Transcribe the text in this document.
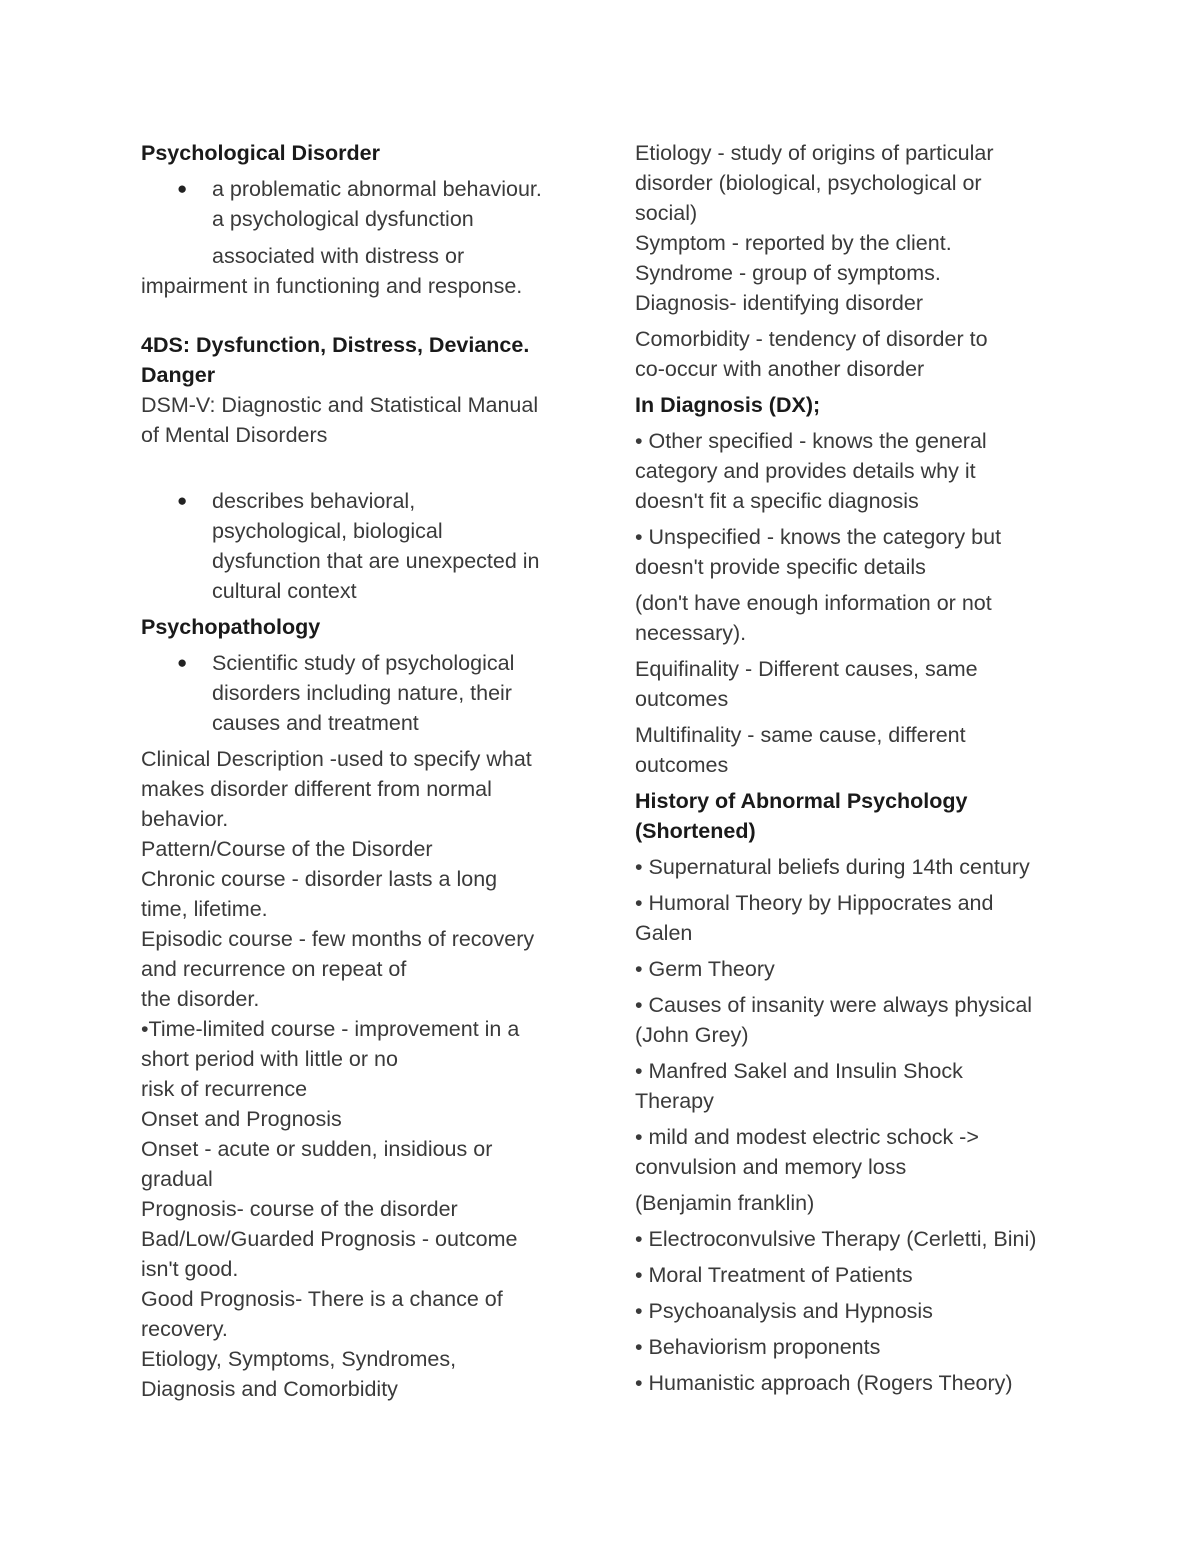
Psychological Disorder
● a problematic abnormal behaviour.
a psychological dysfunction
associated with distress or
impairment in functioning and response.
4DS: Dysfunction, Distress, Deviance.
Danger
DSM-V: Diagnostic and Statistical Manual
of Mental Disorders
● describes behavioral,
psychological, biological
dysfunction that are unexpected in
cultural context
Psychopathology
● Scientific study of psychological
disorders including nature, their
causes and treatment
Clinical Description -used to specify what
makes disorder different from normal
behavior.
Pattern/Course of the Disorder
Chronic course - disorder lasts a long
time, lifetime.
Episodic course - few months of recovery
and recurrence on repeat of
the disorder.
•Time-limited course - improvement in a
short period with little or no
risk of recurrence
Onset and Prognosis
Onset - acute or sudden, insidious or
gradual
Prognosis- course of the disorder
Bad/Low/Guarded Prognosis - outcome
isn't good.
Good Prognosis- There is a chance of
recovery.
Etiology, Symptoms, Syndromes,
Diagnosis and Comorbidity
Etiology - study of origins of particular
disorder (biological, psychological or
social)
Symptom - reported by the client.
Syndrome - group of symptoms.
Diagnosis- identifying disorder
Comorbidity - tendency of disorder to
co-occur with another disorder
In Diagnosis (DX);
• Other specified - knows the general
category and provides details why it
doesn't fit a specific diagnosis
• Unspecified - knows the category but
doesn't provide specific details
(don't have enough information or not
necessary).
Equifinality - Different causes, same
outcomes
Multifinality - same cause, different
outcomes
History of Abnormal Psychology
(Shortened)
• Supernatural beliefs during 14th century
• Humoral Theory by Hippocrates and
Galen
• Germ Theory
• Causes of insanity were always physical
(John Grey)
• Manfred Sakel and Insulin Shock
Therapy
• mild and modest electric schock ->
convulsion and memory loss
(Benjamin franklin)
• Electroconvulsive Therapy (Cerletti, Bini)
• Moral Treatment of Patients
• Psychoanalysis and Hypnosis
• Behaviorism proponents
• Humanistic approach (Rogers Theory)
